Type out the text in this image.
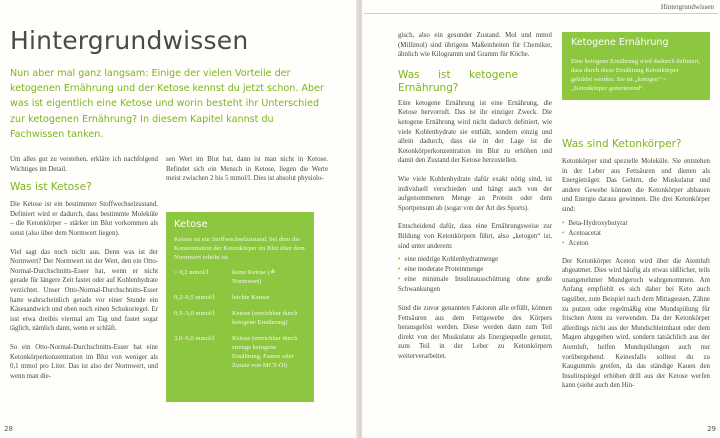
Hintergrundwissen
Nun aber mal ganz langsam: Einige der vielen Vorteile der ketogenen Ernährung und der Ketose kennst du jetzt schon. Aber was ist eigentlich eine Ketose und worin besteht ihr Unterschied zur ketogenen Ernährung? In diesem Kapitel kannst du Fachwissen tanken.

Um alles gut zu verstehen, erkläre ich nachfolgend Wichtiges im Detail.

Was ist Ketose?

Die Ketose ist ein bestimmter Stoffwechselzustand. Definiert wird er dadurch, dass bestimmte Moleküle – die Ketonkörper – stärker im Blut vorkommen als sonst (also über dem Normwert liegen).

Viel sagt das noch nicht aus. Denn was ist der Normwert? Der Normwert ist der Wert, den ein Otto-Normal-Durchschnitts-Esser hat, wenn er nicht gerade für längere Zeit fastet oder auf Kohlenhydrate verzichtet. Unser Otto-Normal-Durchschnitts-Esser hatte wahrscheinlich gerade vor einer Stunde ein Käsesandwich und eben noch einen Schokoriegel. Er isst etwa dreibis viermal am Tag und fastet sogar täglich, nämlich dann, wenn er schläft.

So ein Otto-Normal-Durchschnitts-Esser hat eine Ketonkörperkonzentration im Blut von weniger als 0,1 mmol pro Liter. Das ist also der Normwert, und wenn man die-

sen Wert im Blut hat, dann ist man nicht in Ketose. Befindet sich ein Mensch in Ketose, liegen die Werte meist zwischen 2 bis 5 mmol/l. Dies ist absolut physiolo-

Ketose
Ketose ist ein Stoffwechselzustand, bei dem die Konzentration der Ketonkörper im Blut über dem Normwert erhöht ist.
< 0,2 mmol/l	keine Ketose (≙ Normwert)
0,2–0,5 mmol/l	leichte Ketose
0,5–3,0 mmol/l	Ketose (erreichbar durch ketogene Ernährung)
3,0–6,0 mmol/l	Ketose (erreichbar durch strenge ketogene Ernährung, Fasten oder Zusatz von MCT-Öl)
28
Hintergrundwissen

gisch, also ein gesunder Zustand. Mol und mmol (Millimol) sind übrigens Maßeinheiten für Chemiker, ähnlich wie Kilogramm und Gramm für Köche.

Was ist ketogene Ernährung?

Eine ketogene Ernährung ist eine Ernährung, die Ketose hervorruft. Das ist ihr einziger Zweck. Die ketogene Ernährung wird nicht dadurch definiert, wie viele Kohlenhydrate sie enthält, sondern einzig und allein dadurch, dass sie in der Lage ist die Ketonkörperkonzentration im Blut zu erhöhen und damit den Zustand der Ketose herzustellen.

Wie viele Kohlenhydrate dafür exakt nötig sind, ist individuell verschieden und hängt auch von der aufgenommenen Menge an Protein oder dem Sportpensum ab (sogar von der Art des Sports).

Entscheidend dafür, dass eine Ernährungsweise zur Bildung von Ketonkörpern führt, also „ketogen“ ist, sind unter anderem:

• eine niedrige Kohlenhydratmenge
• eine moderate Proteinmenge
• eine minimale Insulinausschüttung ohne große Schwankungen

Sind die zuvor genannten Faktoren alle erfüllt, können Fettsäuren aus dem Fettgewebe des Körpers herausgelöst werden. Diese werden dann zum Teil direkt von der Muskulatur als Energiequelle genutzt, zum Teil in der Leber zu Ketonkörpern weiterverarbeitet.

Ketogene Ernährung
Eine ketogene Ernährung wird dadurch definiert, dass durch diese Ernährung Ketonkörper gebildet werden. Sie ist „ketogen“ = „Ketonkörper generierend“.
Was sind Ketonkörper?

Ketonkörper sind spezielle Moleküle. Sie entstehen in der Leber aus Fettsäuren und dienen als Energieträger. Das Gehirn, die Muskulatur und andere Gewebe können die Ketonkörper abbauen und Energie daraus gewinnen. Die drei Ketonkörper sind:

• Beta-Hydroxybutyrat
• Acetoacetat
• Aceton

Der Ketonkörper Aceton wird über die Atemluft abgeatmet. Dies wird häufig als etwas süßlicher, teils unangenehmer Mundgeruch wahrgenommen. Am Anfang empfiehlt es sich daher bei Keto auch tagsüber, zum Beispiel nach dem Mittagessen, Zähne zu putzen oder regelmäßig eine Mundspülung für frischen Atem zu verwenden. Da der Ketonkörper allerdings nicht aus der Mundschleimhaut oder dem Magen abgegeben wird, sondern tatsächlich aus der Atemluft, helfen Mundspülungen auch nur vorübergehend. Keinesfalls solltest du zu Kaugummis greifen, da das ständige Kauen den Insulinspiegel erhöhen drill aus der Ketose werfen kann (siehe auch den Hin-

29
